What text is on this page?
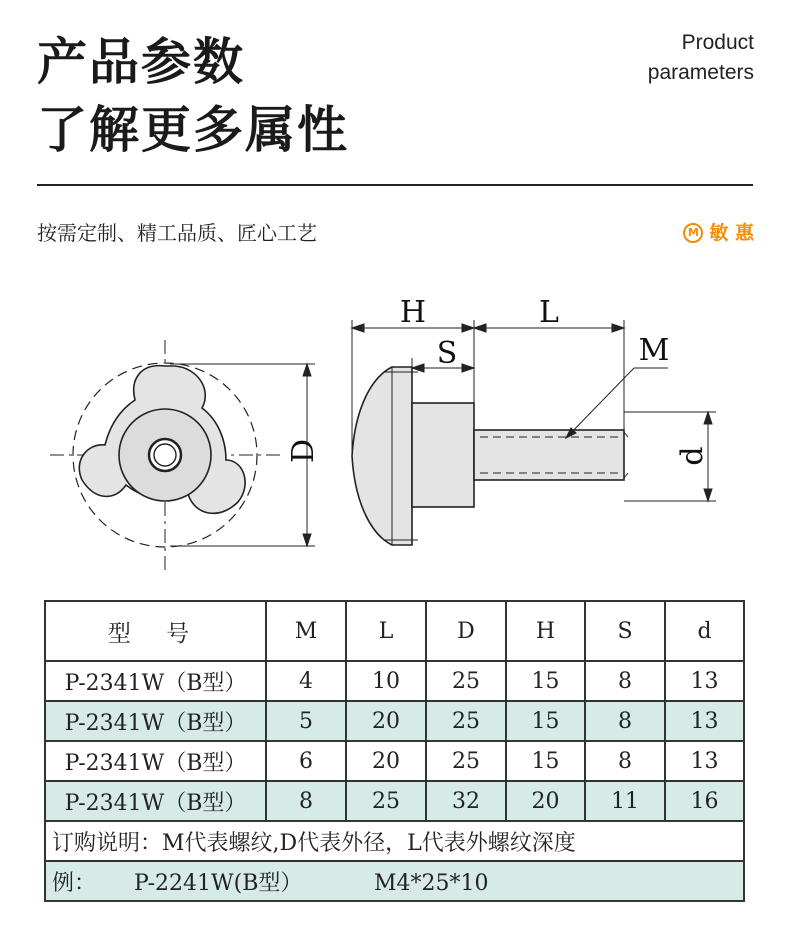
产品参数
了解更多属性
Product
parameters
按需定制、精工品质、匠心工艺	M 敏 惠
D
H	L
S	M
d
型 号	M	L	D	H	S	d
P-2341W（B型）	4	10	25	15	8	13
P-2341W（B型）	5	20	25	15	8	13
P-2341W（B型）	6	20	25	15	8	13
P-2341W（B型）	8	25	32	20	11	16
订购说明：M代表螺纹,D代表外径，L代表外螺纹深度						
例： P-2241W(B型） M4*25*10						
